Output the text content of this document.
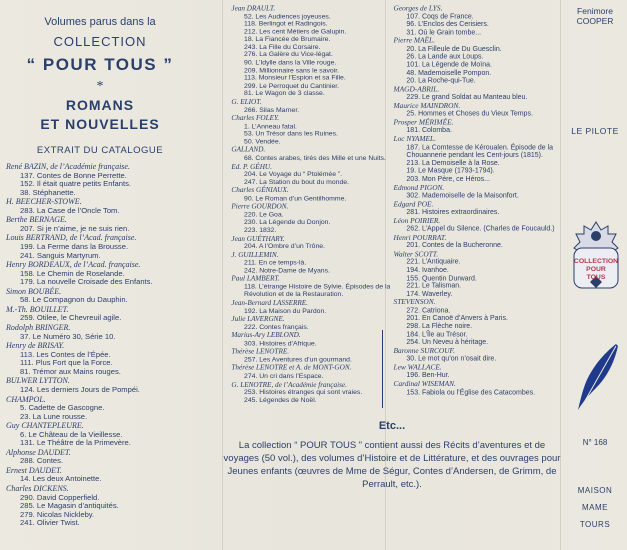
Volumes parus dans la
COLLECTION
“ POUR TOUS ”
*
ROMANS
ET NOUVELLES
EXTRAIT DU CATALOGUE
René BAZIN, de l’Académie française.
137. Contes de Bonne Perrette.
152. Il était quatre petits Enfants.
38. Stéphanette.
H. BEECHER-STOWE.
283. La Case de l’Oncle Tom.
Berthe BERNAGE.
207. Si je n’aime, je ne suis rien.
Louis BERTRAND, de l’Acad. française.
199. La Ferme dans la Brousse.
241. Sanguis Martyrum.
Henry BORDEAUX, de l’Acad. française.
158. Le Chemin de Roselande.
179. La nouvelle Croisade des Enfants.
Simon BOUBÉE.
58. Le Compagnon du Dauphin.
M.-Th. BOUILLET.
259. Otilee, le Chevreuil agile.
Rodolph BRINGER.
37. Le Numéro 30, Série 10.
Henry de BRISAY.
113. Les Contes de l’Épée.
111. Plus Fort que la Force.
81. Trémor aux Mains rouges.
BULWER LYTTON.
124. Les derniers Jours de Pompéi.
CHAMPOL.
5. Cadette de Gascogne.
23. La Lune rousse.
Guy CHANTEPLEURE.
6. Le Château de la Vieillesse.
131. Le Théâtre de la Primevère.
Alphonse DAUDET.
288. Contes.
Ernest DAUDET.
14. Les deux Antoinette.
Charles DICKENS.
290. David Copperfield.
285. Le Magasin d’antiquités.
279. Nicolas Nickleby.
241. Olivier Twist.
Jean DRAULT.
52. Les Audiences joyeuses.
118. Berlingot et Radingois.
212. Les cent Métiers de Galupin.
18. La Fiancée de Brumaire.
243. La Fille du Corsaire.
276. La Galère du Vice-légat.
90. L’Idylle dans la Ville rouge.
209. Millionnaire sans le savoir.
113. Monsieur l’Espion et sa Fille.
299. Le Perroquet du Cantinier.
81. Le Wagon de 3 classe.
G. ELIOT.
266. Silas Marner.
Charles FOLEY.
1. L’Anneau fatal.
53. Un Trésor dans les Ruines.
50. Vendée.
GALLAND.
68. Contes arabes, tirés des Mille et une Nuits.
Ed. P. GÉHU.
204. Le Voyage du “ Ptolémée ”.
247. La Station du bout du monde.
Charles GÉNIAUX.
90. Le Roman d’un Gentilhomme.
Pierre GOURDON.
220. Le Goa.
230. La Légende du Donjon.
223. 1832.
Jean GUÉTHARY.
204. A l’Ombre d’un Trône.
J. GUILLEMIN.
211. En ce temps-là.
242. Notre-Dame de Myans.
Paul LAMBERT.
118. L’étrange Histoire de Sylvie. Épisodes de la Révolution et de la Restauration.
Jean-Bernard LASSERRE.
192. La Maison du Pardon.
Julie LAVERGNE.
222. Contes français.
Marius-Ary LEBLOND.
303. Histoires d’Afrique.
Thérèse LENOTRE.
257. Les Aventures d’un gourmand.
Thérèse LENOTRE et A. de MONT-GON.
274. Un cri dans l’Espace.
G. LENOTRE, de l’Académie française.
253. Histoires étranges qui sont vraies.
245. Légendes de Noël.
Georges de LYS.
107. Coqs de France.
96. L’Enclos des Cerisiers.
31. Où le Grain tombe...
Pierre MAËL.
20. La Filleule de Du Guesclin.
26. La Lande aux Loups.
101. La Légende de Moïna.
48. Mademoiselle Pompon.
20. La Roche-qui-Tue.
MAGD-ABRIL.
229. Le grand Soldat au Manteau bleu.
Maurice MAINDRON.
25. Hommes et Choses du Vieux Temps.
Prosper MÉRIMÉE.
181. Colomba.
Loc NYAMEL.
187. La Comtesse de Kéroualen. Épisode de la Chouannerie pendant les Cent-jours (1815).
213. La Demoiselle à la Rose.
19. Le Masque (1793-1794).
203. Mon Père, ce Héros...
Edmond PIGON.
302. Mademoiselle de la Maisonfort.
Edgard POE.
281. Histoires extraordinaires.
Léon POIRIER.
262. L’Appel du Silence. (Charles de Foucauld.)
Henri POURRAT.
201. Contes de la Bucheronne.
Walter SCOTT.
221. L’Antiquaire.
194. Ivanhoe.
155. Quentin Durward.
221. Le Talisman.
174. Waverley.
STEVENSON.
272. Catriona.
201. En Canoë d’Anvers à Paris.
298. La Flèche noire.
184. L’Île au Trésor.
254. Un Neveu à héritage.
Baronne SURCOUF.
30. Le mot qu’on n’osait dire.
Lew WALLACE.
196. Ben-Hur.
Cardinal WISEMAN.
153. Fabiola ou l’Église des Catacombes.
Etc...
La collection “ POUR TOUS ” contient aussi des Récits d’aventures et de voyages (50 vol.), des volumes d’Histoire et de Littérature, et des ouvrages pour Jeunes enfants (œuvres de Mme de Ségur, Contes d’Andersen, de Grimm, de Perrault, etc.).
Fenimore
COOPER
LE PILOTE
COLLECTION
POUR
TOUS
N° 168
MAISON
MAME
TOURS
